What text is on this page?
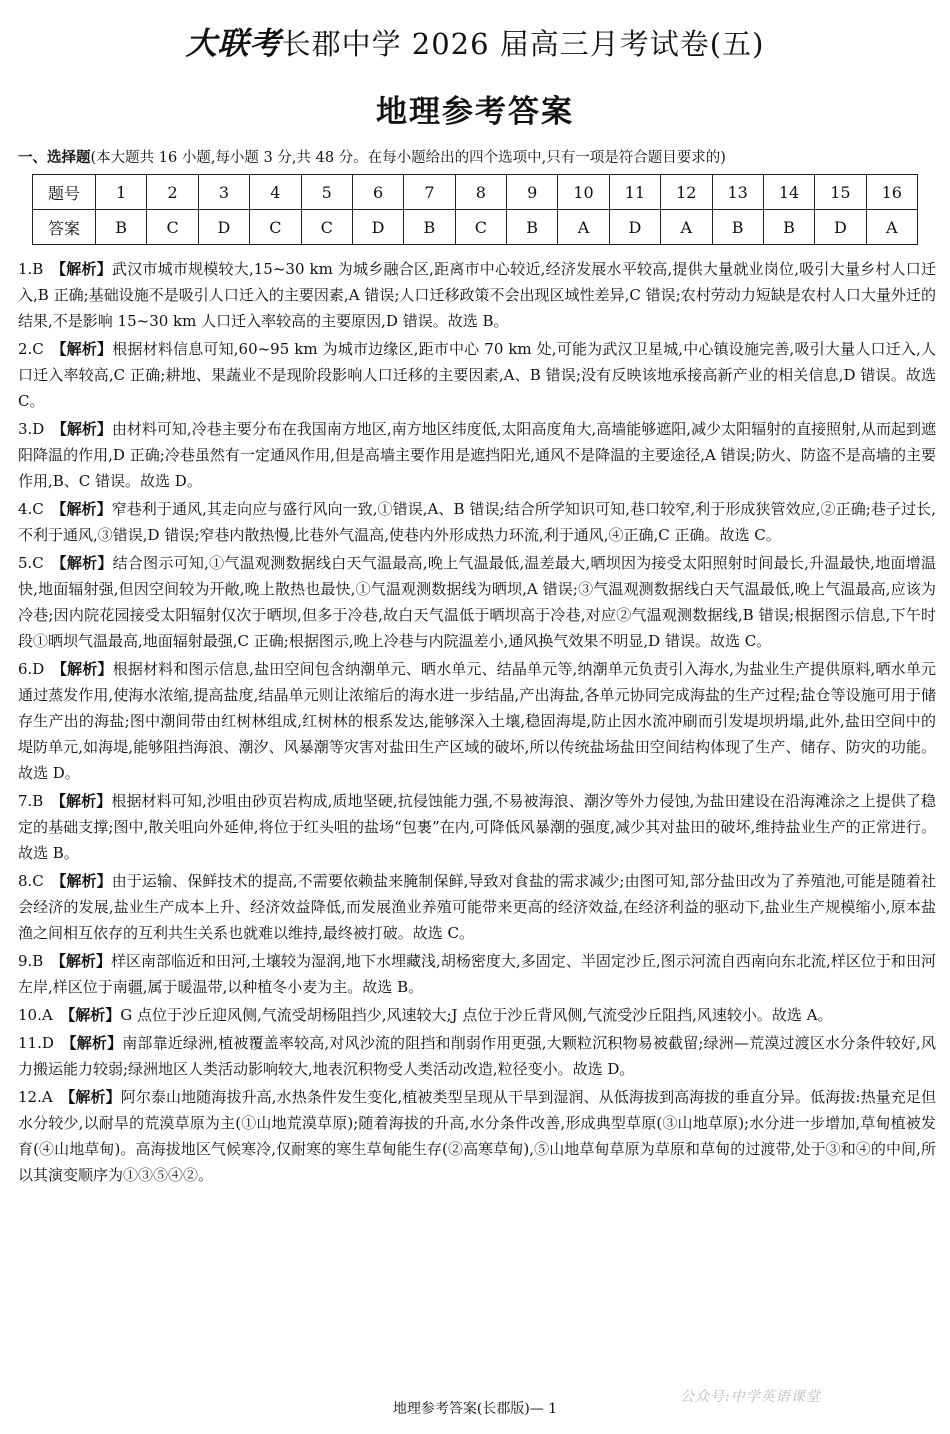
大联考长郡中学 2026 届高三月考试卷(五)
地理参考答案
一、选择题(本大题共 16 小题,每小题 3 分,共 48 分。在每小题给出的四个选项中,只有一项是符合题目要求的)
题号	1	2	3	4	5	6	7	8	9	10	11	12	13	14	15	16
答案	B	C	D	C	C	D	B	C	B	A	D	A	B	B	D	A
1.B  【解析】武汉市城市规模较大,15~30 km 为城乡融合区,距离市中心较近,经济发展水平较高,提供大量就业岗位,吸引大量乡村人口迁入,B 正确;基础设施不是吸引人口迁入的主要因素,A 错误;人口迁移政策不会出现区域性差异,C 错误;农村劳动力短缺是农村人口大量外迁的结果,不是影响 15~30 km 人口迁入率较高的主要原因,D 错误。故选 B。
2.C  【解析】根据材料信息可知,60~95 km 为城市边缘区,距市中心 70 km 处,可能为武汉卫星城,中心镇设施完善,吸引大量人口迁入,人口迁入率较高,C 正确;耕地、果蔬业不是现阶段影响人口迁移的主要因素,A、B 错误;没有反映该地承接高新产业的相关信息,D 错误。故选 C。
3.D  【解析】由材料可知,冷巷主要分布在我国南方地区,南方地区纬度低,太阳高度角大,高墙能够遮阳,减少太阳辐射的直接照射,从而起到遮阳降温的作用,D 正确;冷巷虽然有一定通风作用,但是高墙主要作用是遮挡阳光,通风不是降温的主要途径,A 错误;防火、防盗不是高墙的主要作用,B、C 错误。故选 D。
4.C  【解析】窄巷利于通风,其走向应与盛行风向一致,①错误,A、B 错误;结合所学知识可知,巷口较窄,利于形成狭管效应,②正确;巷子过长,不利于通风,③错误,D 错误;窄巷内散热慢,比巷外气温高,使巷内外形成热力环流,利于通风,④正确,C 正确。故选 C。
5.C  【解析】结合图示可知,①气温观测数据线白天气温最高,晚上气温最低,温差最大,晒坝因为接受太阳照射时间最长,升温最快,地面增温快,地面辐射强,但因空间较为开敞,晚上散热也最快,①气温观测数据线为晒坝,A 错误;③气温观测数据线白天气温最低,晚上气温最高,应该为冷巷;因内院花园接受太阳辐射仅次于晒坝,但多于冷巷,故白天气温低于晒坝高于冷巷,对应②气温观测数据线,B 错误;根据图示信息,下午时段①晒坝气温最高,地面辐射最强,C 正确;根据图示,晚上冷巷与内院温差小,通风换气效果不明显,D 错误。故选 C。
6.D  【解析】根据材料和图示信息,盐田空间包含纳潮单元、晒水单元、结晶单元等,纳潮单元负责引入海水,为盐业生产提供原料,晒水单元通过蒸发作用,使海水浓缩,提高盐度,结晶单元则让浓缩后的海水进一步结晶,产出海盐,各单元协同完成海盐的生产过程;盐仓等设施可用于储存生产出的海盐;图中潮间带由红树林组成,红树林的根系发达,能够深入土壤,稳固海堤,防止因水流冲刷而引发堤坝坍塌,此外,盐田空间中的堤防单元,如海堤,能够阻挡海浪、潮汐、风暴潮等灾害对盐田生产区域的破坏,所以传统盐场盐田空间结构体现了生产、储存、防灾的功能。故选 D。
7.B  【解析】根据材料可知,沙咀由砂页岩构成,质地坚硬,抗侵蚀能力强,不易被海浪、潮汐等外力侵蚀,为盐田建设在沿海滩涂之上提供了稳定的基础支撑;图中,散关咀向外延伸,将位于红头咀的盐场“包裹”在内,可降低风暴潮的强度,减少其对盐田的破坏,维持盐业生产的正常进行。故选 B。
8.C  【解析】由于运输、保鲜技术的提高,不需要依赖盐来腌制保鲜,导致对食盐的需求减少;由图可知,部分盐田改为了养殖池,可能是随着社会经济的发展,盐业生产成本上升、经济效益降低,而发展渔业养殖可能带来更高的经济效益,在经济利益的驱动下,盐业生产规模缩小,原本盐渔之间相互依存的互利共生关系也就难以维持,最终被打破。故选 C。
9.B  【解析】样区南部临近和田河,土壤较为湿润,地下水埋藏浅,胡杨密度大,多固定、半固定沙丘,图示河流自西南向东北流,样区位于和田河左岸,样区位于南疆,属于暖温带,以种植冬小麦为主。故选 B。
10.A  【解析】G 点位于沙丘迎风侧,气流受胡杨阻挡少,风速较大;J 点位于沙丘背风侧,气流受沙丘阻挡,风速较小。故选 A。
11.D  【解析】南部靠近绿洲,植被覆盖率较高,对风沙流的阻挡和削弱作用更强,大颗粒沉积物易被截留;绿洲—荒漠过渡区水分条件较好,风力搬运能力较弱;绿洲地区人类活动影响较大,地表沉积物受人类活动改造,粒径变小。故选 D。
12.A  【解析】阿尔泰山地随海拔升高,水热条件发生变化,植被类型呈现从干旱到湿润、从低海拔到高海拔的垂直分异。低海拔:热量充足但水分较少,以耐旱的荒漠草原为主(①山地荒漠草原);随着海拔的升高,水分条件改善,形成典型草原(③山地草原);水分进一步增加,草甸植被发育(④山地草甸)。高海拔地区气候寒冷,仅耐寒的寒生草甸能生存(②高寒草甸),⑤山地草甸草原为草原和草甸的过渡带,处于③和④的中间,所以其演变顺序为①③⑤④②。
公众号:中学英语课堂
地理参考答案(长郡版)— 1
